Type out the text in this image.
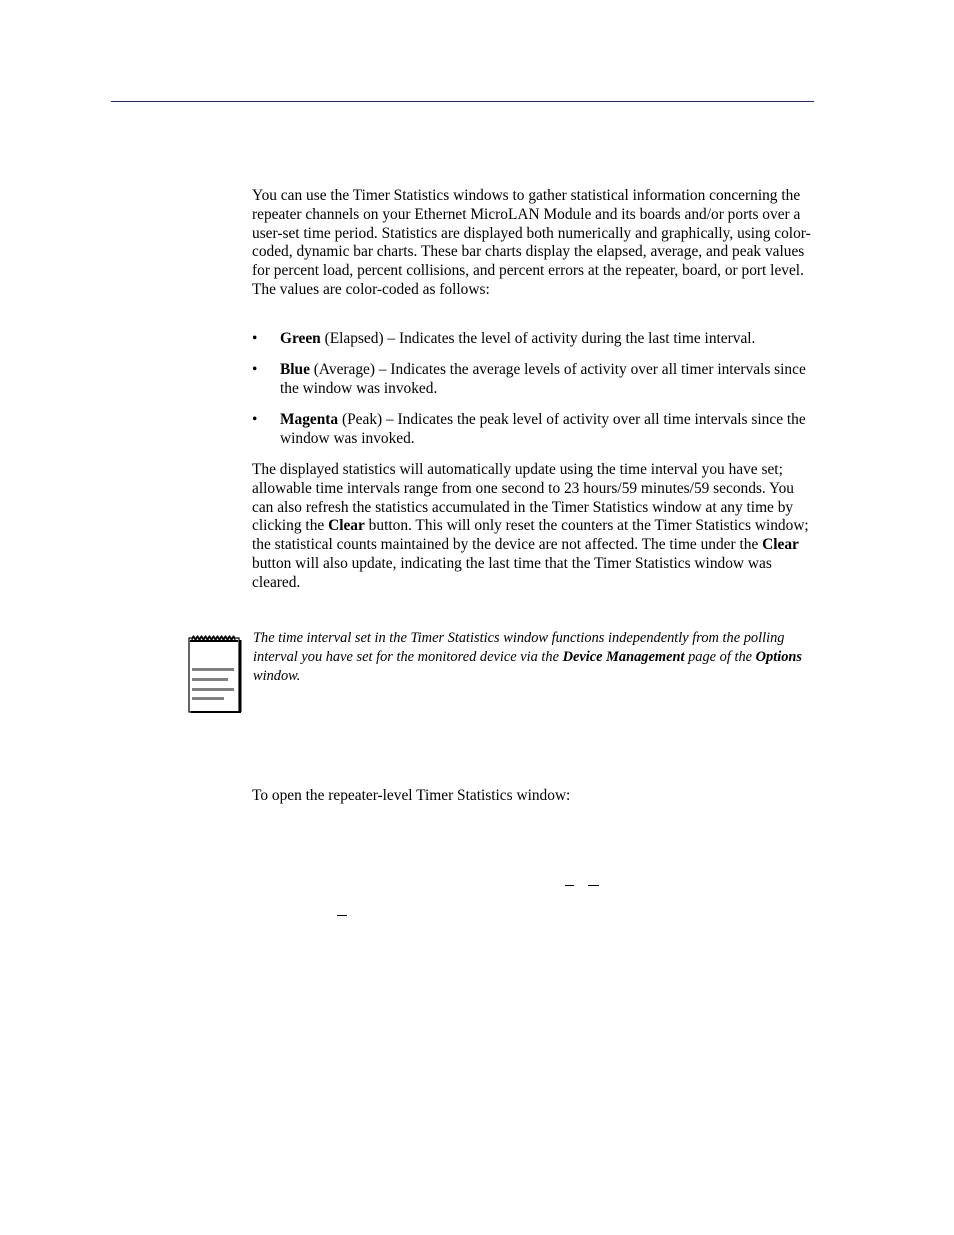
You can use the Timer Statistics windows to gather statistical information concerning the repeater channels on your Ethernet MicroLAN Module and its boards and/or ports over a user-set time period. Statistics are displayed both numerically and graphically, using color-coded, dynamic bar charts. These bar charts display the elapsed, average, and peak values for percent load, percent collisions, and percent errors at the repeater, board, or port level. The values are color-coded as follows:

• Green (Elapsed) – Indicates the level of activity during the last time interval.
• Blue (Average) – Indicates the average levels of activity over all timer intervals since the window was invoked.
• Magenta (Peak) – Indicates the peak level of activity over all time intervals since the window was invoked.

The displayed statistics will automatically update using the time interval you have set; allowable time intervals range from one second to 23 hours/59 minutes/59 seconds. You can also refresh the statistics accumulated in the Timer Statistics window at any time by clicking the Clear button. This will only reset the counters at the Timer Statistics window; the statistical counts maintained by the device are not affected. The time under the Clear button will also update, indicating the last time that the Timer Statistics window was cleared.

The time interval set in the Timer Statistics window functions independently from the polling interval you have set for the monitored device via the Device Management page of the Options window.

To open the repeater-level Timer Statistics window:
